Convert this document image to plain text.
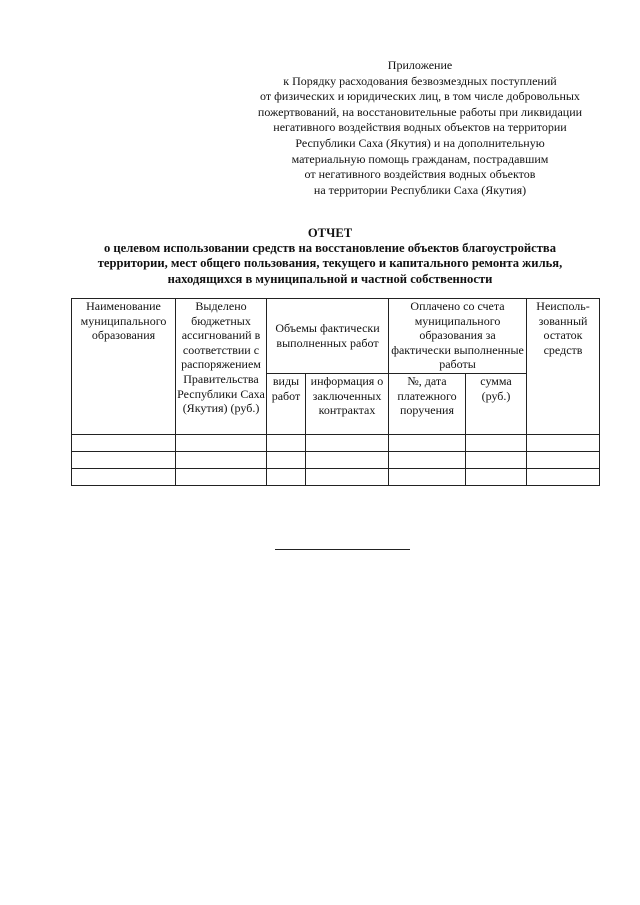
Приложение
к Порядку расходования безвозмездных поступлений
от физических и юридических лиц, в том числе добровольных
пожертвований, на восстановительные работы при ликвидации
негативного воздействия водных объектов на территории
Республики Саха (Якутия) и на дополнительную
материальную помощь гражданам, пострадавшим
от негативного воздействия водных объектов
на территории Республики Саха (Якутия)
ОТЧЕТ
о целевом использовании средств на восстановление объектов благоустройства
территории, мест общего пользования, текущего и капитального ремонта жилья,
находящихся в муниципальной и частной собственности
Наименование муниципального образования	Выделено бюджетных ассигнований в соответствии с распоряжением Правительства Республики Саха (Якутия) (руб.)	Объемы фактически выполненных работ		Оплачено со счета муниципального образования за фактически выполненные работы		Неисполь-зованный остаток средств
		виды работ	информация о заключенных контрактах	№, дата платежного поручения	сумма (руб.)	
